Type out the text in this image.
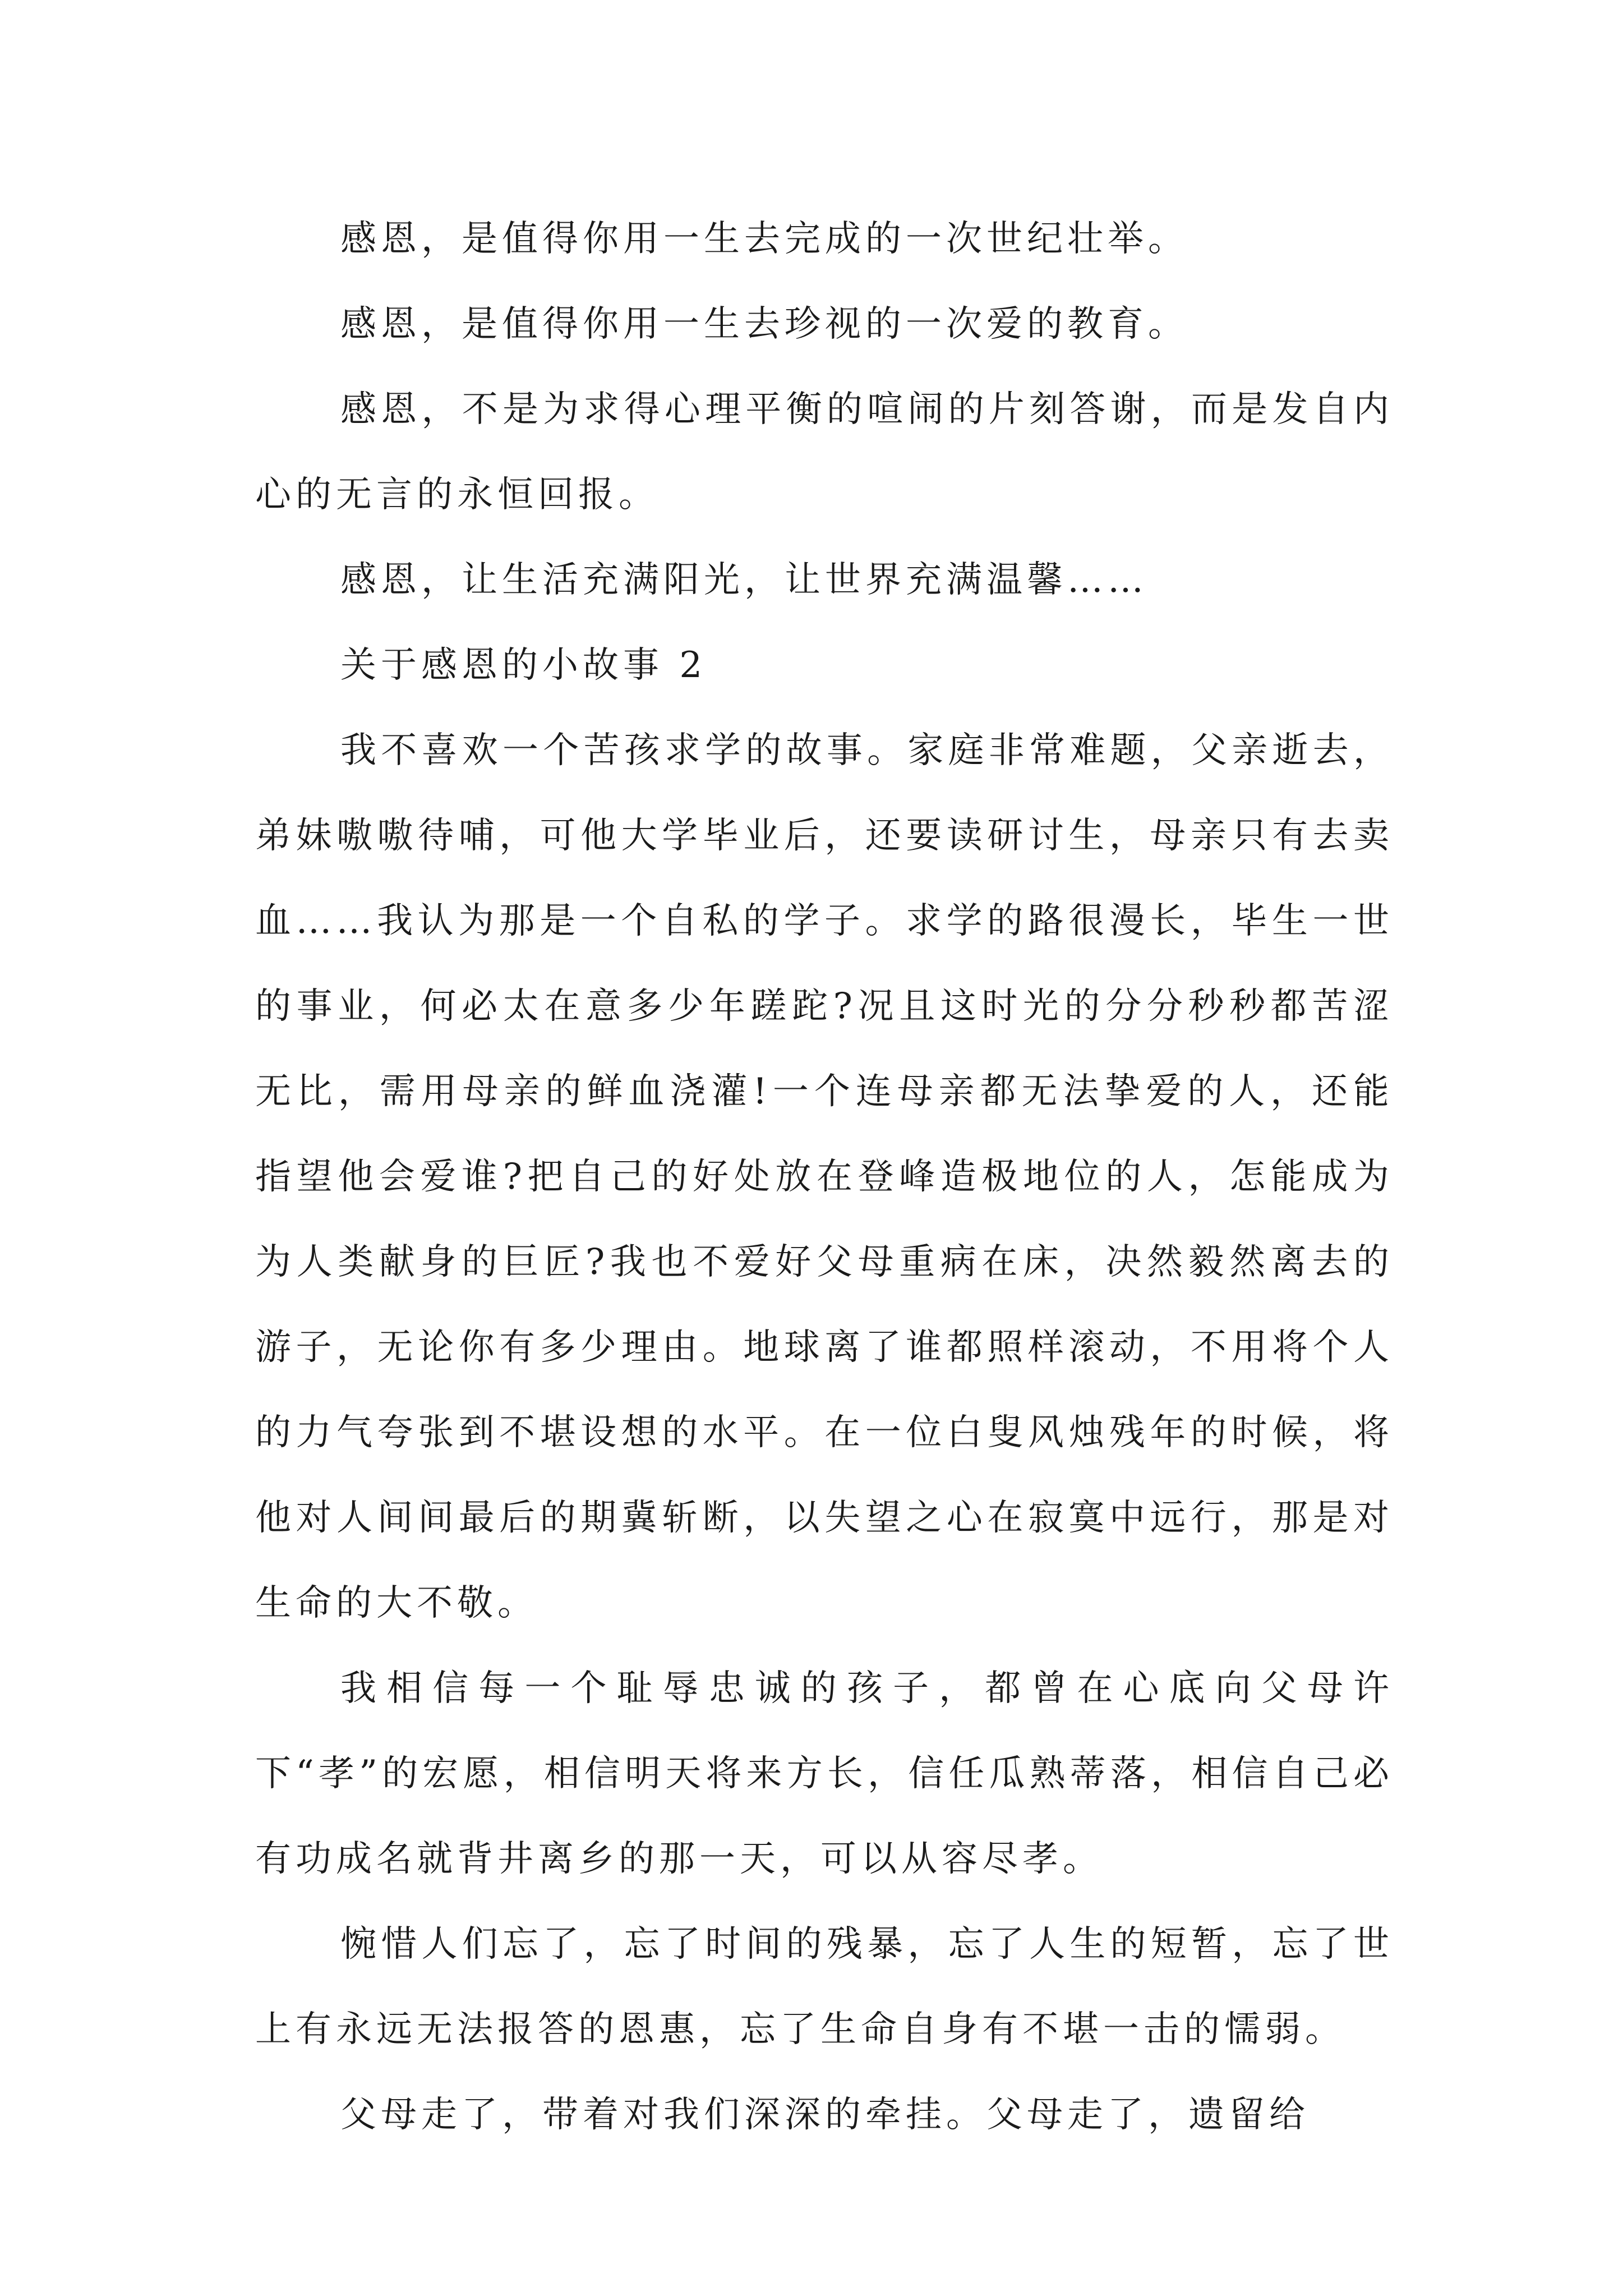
感恩，是值得你用一生去完成的一次世纪壮举。

感恩，是值得你用一生去珍视的一次爱的教育。

感恩，不是为求得心理平衡的喧闹的片刻答谢，而是发自内心的无言的永恒回报。

感恩，让生活充满阳光，让世界充满温馨……

关于感恩的小故事 2

我不喜欢一个苦孩求学的故事。家庭非常难题，父亲逝去，弟妹嗷嗷待哺，可他大学毕业后，还要读研讨生，母亲只有去卖血……我认为那是一个自私的学子。求学的路很漫长，毕生一世的事业，何必太在意多少年蹉跎?况且这时光的分分秒秒都苦涩无比，需用母亲的鲜血浇灌!一个连母亲都无法挚爱的人，还能指望他会爱谁?把自己的好处放在登峰造极地位的人，怎能成为为人类献身的巨匠?我也不爱好父母重病在床，决然毅然离去的游子，无论你有多少理由。地球离了谁都照样滚动，不用将个人的力气夸张到不堪设想的水平。在一位白叟风烛残年的时候，将他对人间间最后的期冀斩断，以失望之心在寂寞中远行，那是对生命的大不敬。

我相信每一个耻辱忠诚的孩子，都曾在心底向父母许下“孝”的宏愿，相信明天将来方长，信任瓜熟蒂落，相信自己必有功成名就背井离乡的那一天，可以从容尽孝。

惋惜人们忘了，忘了时间的残暴，忘了人生的短暂，忘了世上有永远无法报答的恩惠，忘了生命自身有不堪一击的懦弱。

父母走了，带着对我们深深的牵挂。父母走了，遗留给
